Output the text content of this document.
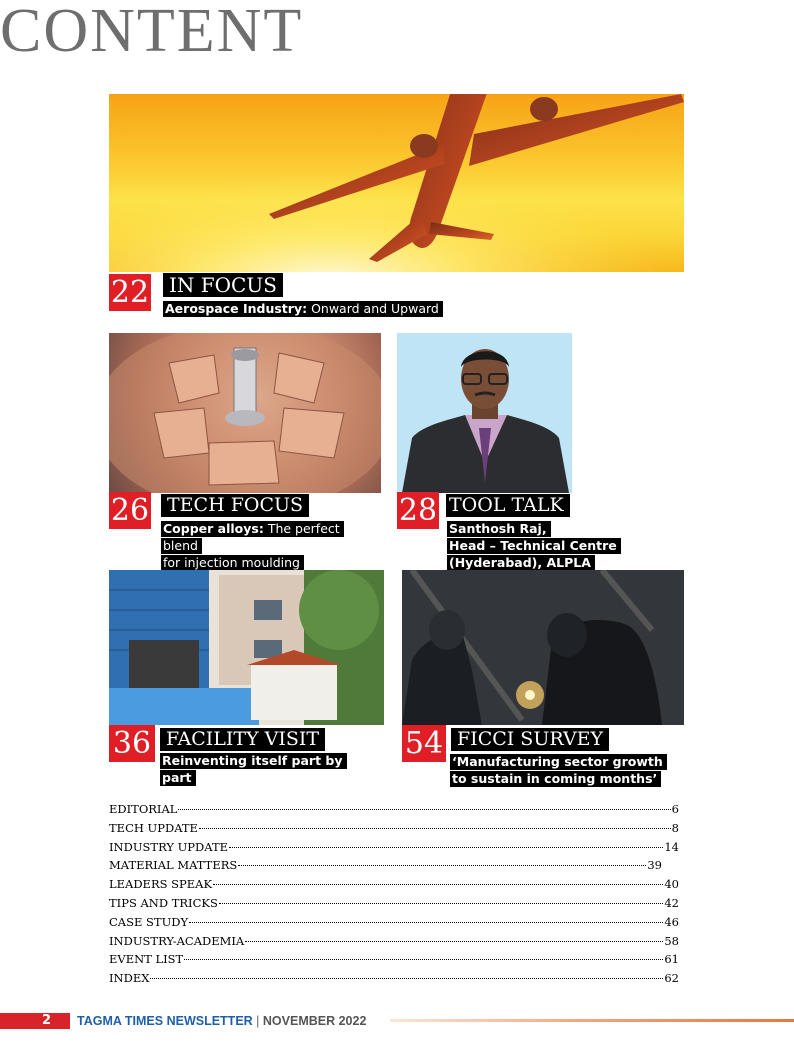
CONTENT
22 IN FOCUS
Aerospace Industry: Onward and Upward
26 TECH FOCUS
Copper alloys: The perfect blend
for injection moulding
28 TOOL TALK
Santhosh Raj,
Head – Technical Centre
(Hyderabad), ALPLA
36 FACILITY VISIT
Reinventing itself part by part
54 FICCI SURVEY
‘Manufacturing sector growth
to sustain in coming months’
EDITORIAL	6
TECH UPDATE	8
INDUSTRY UPDATE	14
MATERIAL MATTERS	39
LEADERS SPEAK	40
TIPS AND TRICKS	42
CASE STUDY	46
INDUSTRY-ACADEMIA	58
EVENT LIST	61
INDEX	62
2 TAGMA TIMES NEWSLETTER | NOVEMBER 2022
